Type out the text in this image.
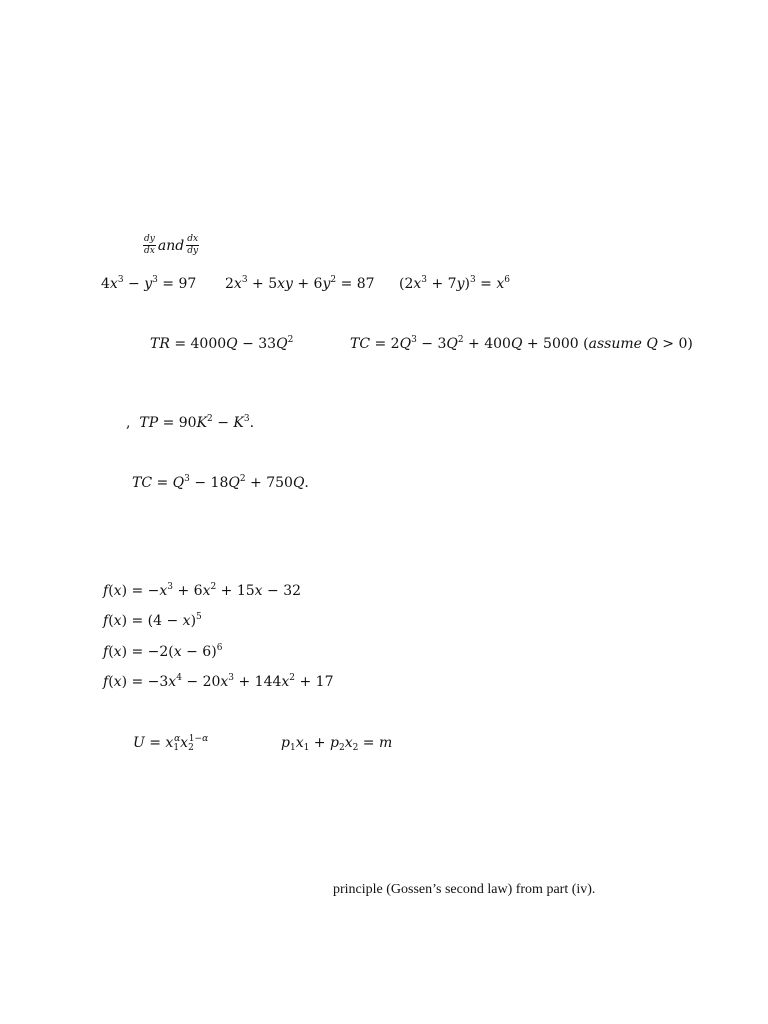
$\frac{dy}{dx}$ and $\frac{dx}{dy}$
$4x^3 - y^3 = 97$ $2x^3 + 5xy + 6y^2 = 87$ $(2x^3 + 7y)^3 = x^6$
TR = $4000Q - 33Q^2$	TC = $2Q^3 - 3Q^2 + 400Q + 5000$ (assume Q > 0)
,  TP = $90K^2 - K^3$.
TC = $Q^3 - 18Q^2 + 750Q$.
$f(x) = -x^3 + 6x^2 + 15x - 32$
$f(x) = (4 - x)^5$
$f(x) = -2(x - 6)^6$
$f(x) = -3x^4 - 20x^3 + 144x^2 + 17$
$U = x_1^\alpha x_2^{1-\alpha}$	$p_1x_1 + p_2x_2 = m$
principle (Gossen’s second law) from part (iv).
